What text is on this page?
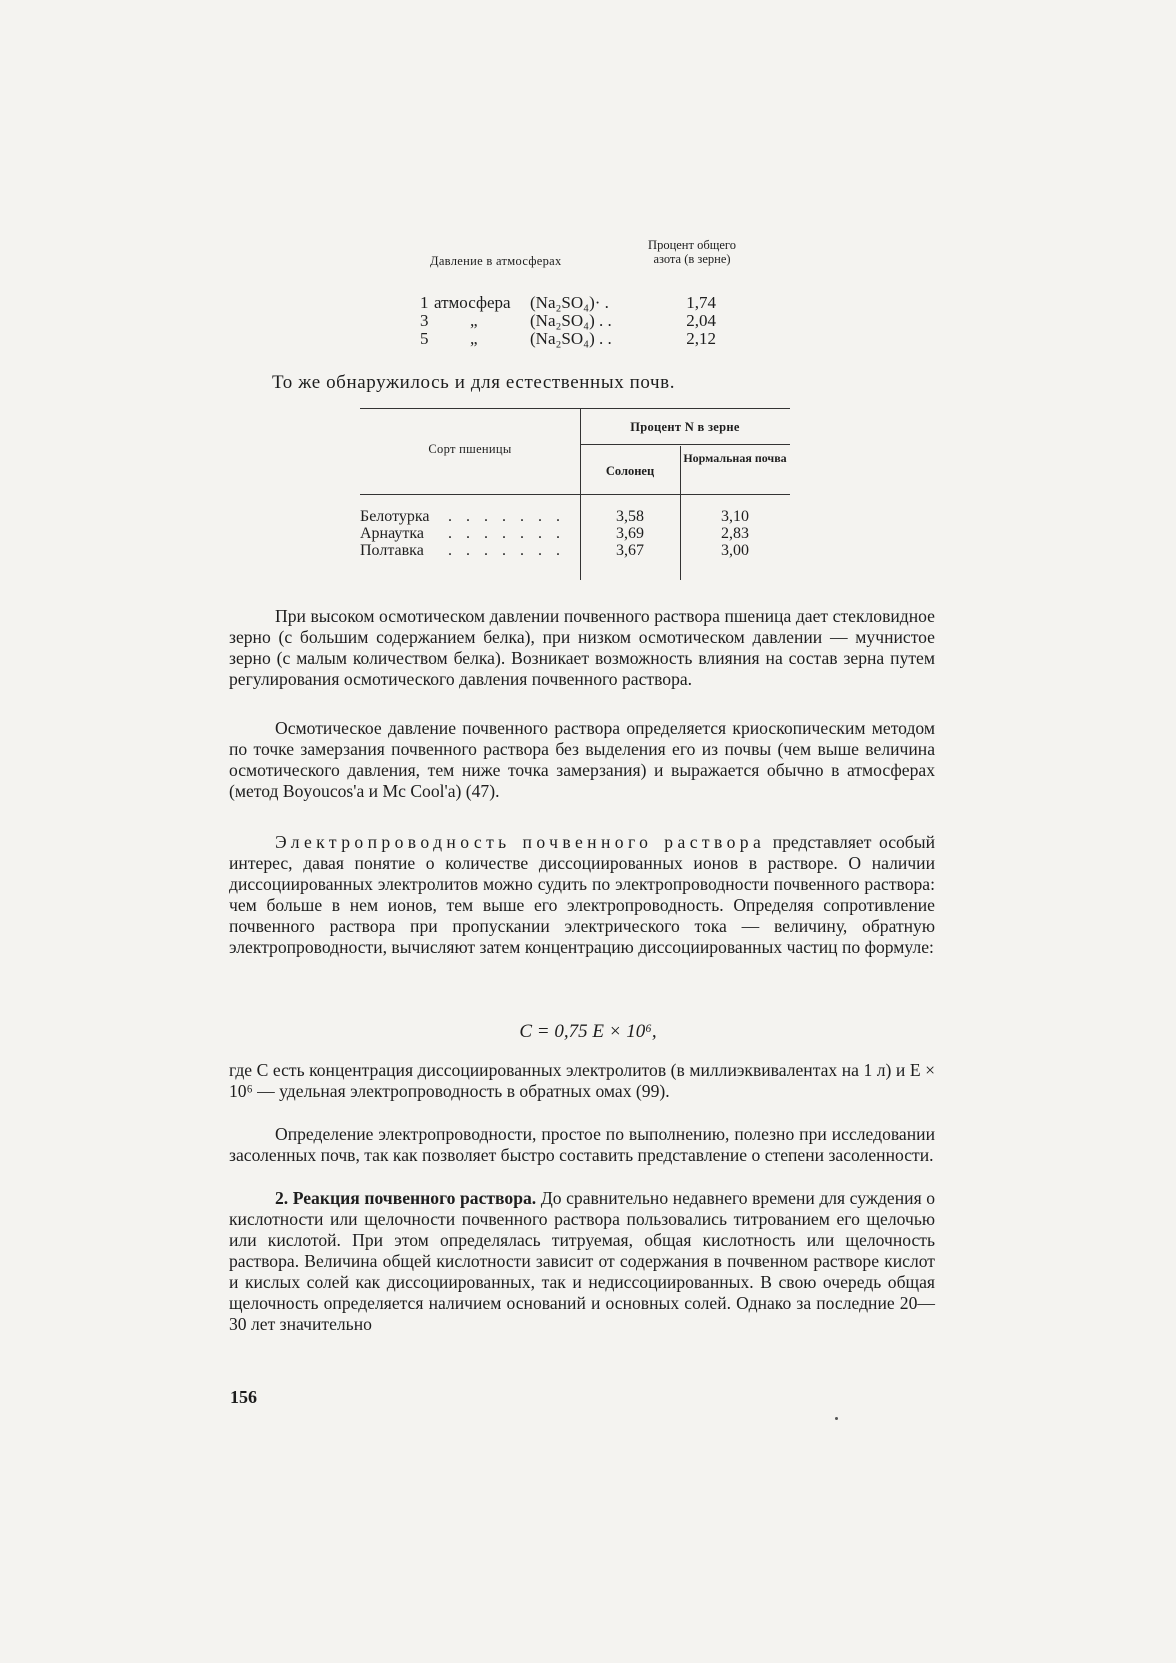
Давление в атмосферах
Процент общего азота (в зерне)
1 атмосфера (Na₂SO₄)· .	1,74
3 „	(Na₂SO₄) . .	2,04
5 „	(Na₂SO₄) . .	2,12
То же обнаружилось и для естественных почв.
Сорт пшеницы
Процент N в зерне
Солонец
Нормальная почва
Белотурка . . . . . . .	3,58	3,10
Арнаутка . . . . . . .	3,69	2,83
Полтавка . . . . . . .	3,67	3,00

При высоком осмотическом давлении почвенного раствора пшеница дает стекловидное зерно (с большим содержанием белка), при низком осмотическом давлении — мучнистое зерно (с малым количеством белка). Возникает возможность влияния на состав зерна путем регулирования осмотического давления почвенного раствора.

Осмотическое давление почвенного раствора определяется криоскопическим методом по точке замерзания почвенного раствора без выделения его из почвы (чем выше величина осмотического давления, тем ниже точка замерзания) и выражается обычно в атмосферах (метод Boyoucos'а и Mc Cool'а) (47).

Электропроводность почвенного раствора представляет особый интерес, давая понятие о количестве диссоциированных ионов в растворе. О наличии диссоциированных электролитов можно судить по электропроводности почвенного раствора: чем больше в нем ионов, тем выше его электропроводность. Определяя сопротивление почвенного раствора при пропускании электрического тока — величину, обратную электропроводности, вычисляют затем концентрацию диссоциированных частиц по формуле:

C = 0,75 E × 10⁶,

где C есть концентрация диссоциированных электролитов (в миллиэквивалентах на 1 л) и E × 10⁶ — удельная электропроводность в обратных омах (99).

Определение электропроводности, простое по выполнению, полезно при исследовании засоленных почв, так как позволяет быстро составить представление о степени засоленности.

2. Реакция почвенного раствора. До сравнительно недавнего времени для суждения о кислотности или щелочности почвенного раствора пользовались титрованием его щелочью или кислотой. При этом определялась титруемая, общая кислотность или щелочность раствора. Величина общей кислотности зависит от содержания в почвенном растворе кислот и кислых солей как диссоциированных, так и недиссоциированных. В свою очередь общая щелочность определяется наличием оснований и основных солей. Однако за последние 20—30 лет значительно

156
